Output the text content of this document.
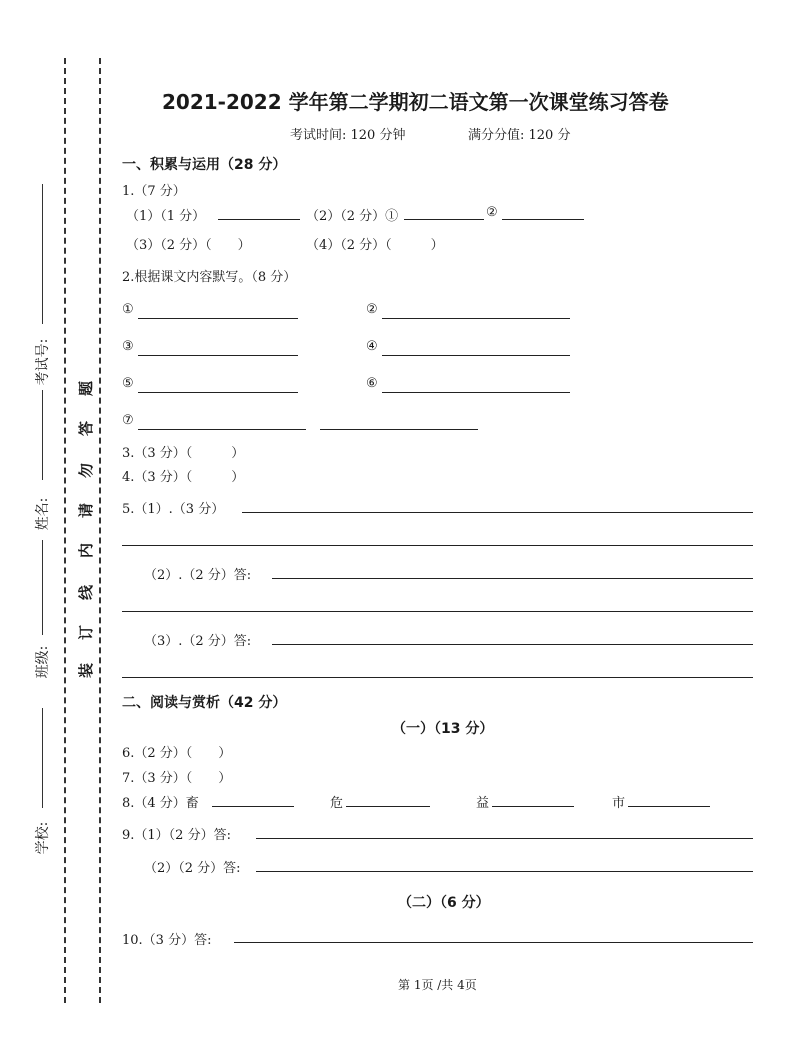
考试号:
姓名:
班级:
学校:
题
答
勿
请
内
线
订
装
2021-2022 学年第二学期初二语文第一次课堂练习答卷
考试时间: 120 分钟	满分分值: 120 分
一、积累与运用（28 分）
1.（7 分）
（1）（1 分）	（2）（2 分）①	②
（3）（2 分）（　　）	（4）（2 分）（　　　）
2.根据课文内容默写。（8 分）
①	②
③	④
⑤	⑥
⑦
3.（3 分）（　　　）
4.（3 分）（　　　）
5.（1）.（3 分）
（2）.（2 分）答:
（3）.（2 分）答:
二、阅读与赏析（42 分）
（一）（13 分）
6.（2 分）（　　）
7.（3 分）（　　）
8.（4 分）畜	危	益	市
9.（1）（2 分）答:
（2）（2 分）答:
（二）（6 分）
10.（3 分）答:
第 1页 /共 4页
